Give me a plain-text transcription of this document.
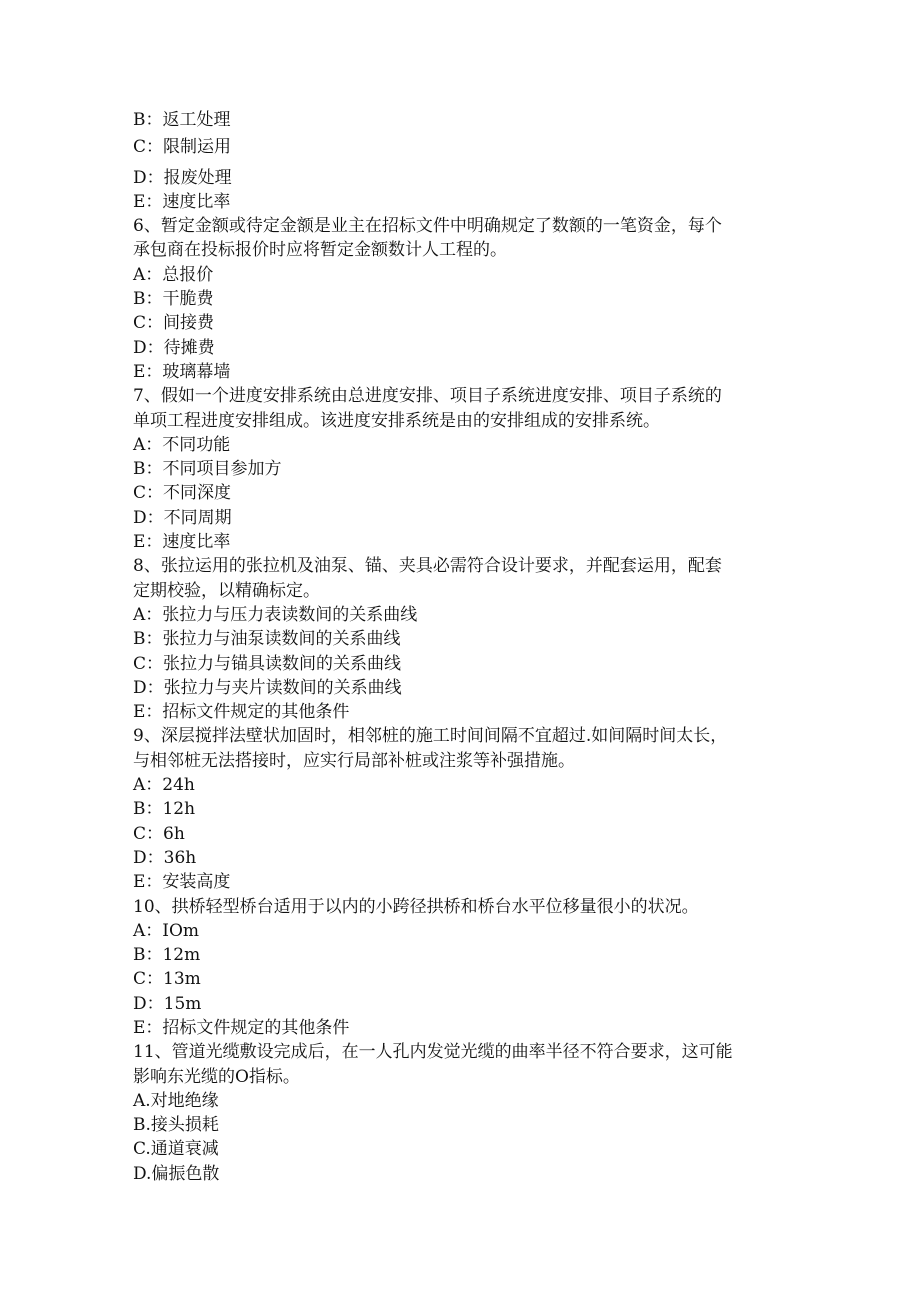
B：返工处理
C：限制运用
D：报废处理
E：速度比率
6、暂定金额或待定金额是业主在招标文件中明确规定了数额的一笔资金，每个
承包商在投标报价时应将暂定金额数计人工程的。
A：总报价
B：干脆费
C：间接费
D：待摊费
E：玻璃幕墙
7、假如一个进度安排系统由总进度安排、项目子系统进度安排、项目子系统的
单项工程进度安排组成。该进度安排系统是由的安排组成的安排系统。
A：不同功能
B：不同项目参加方
C：不同深度
D：不同周期
E：速度比率
8、张拉运用的张拉机及油泵、锚、夹具必需符合设计要求，并配套运用，配套
定期校验，以精确标定。
A：张拉力与压力表读数间的关系曲线
B：张拉力与油泵读数间的关系曲线
C：张拉力与锚具读数间的关系曲线
D：张拉力与夹片读数间的关系曲线
E：招标文件规定的其他条件
9、深层搅拌法壁状加固时，相邻桩的施工时间间隔不宜超过.如间隔时间太长，
与相邻桩无法搭接时，应实行局部补桩或注浆等补强措施。
A：24h
B：12h
C：6h
D：36h
E：安装高度
10、拱桥轻型桥台适用于以内的小跨径拱桥和桥台水平位移量很小的状况。
A：IOm
B：12m
C：13m
D：15m
E：招标文件规定的其他条件
11、管道光缆敷设完成后，在一人孔内发觉光缆的曲率半径不符合要求，这可能
影响东光缆的O指标。
A.对地绝缘
B.接头损耗
C.通道衰减
D.偏振色散
